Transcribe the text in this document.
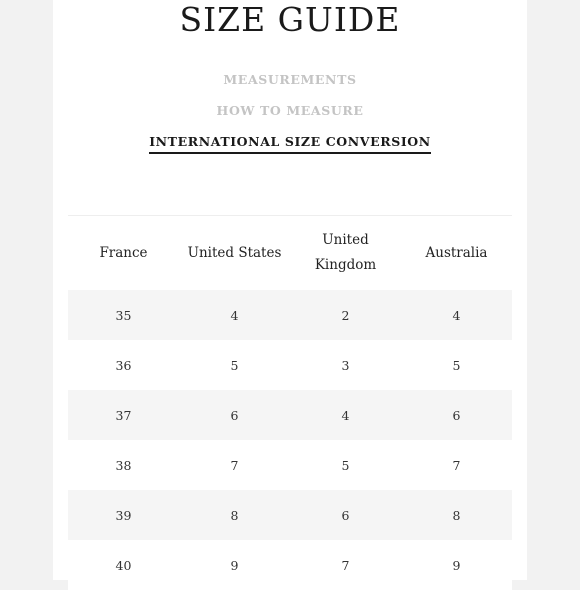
SIZE GUIDE
MEASUREMENTS
HOW TO MEASURE
INTERNATIONAL SIZE CONVERSION
France	United States	United Kingdom	Australia
35	4	2	4
36	5	3	5
37	6	4	6
38	7	5	7
39	8	6	8
40	9	7	9
